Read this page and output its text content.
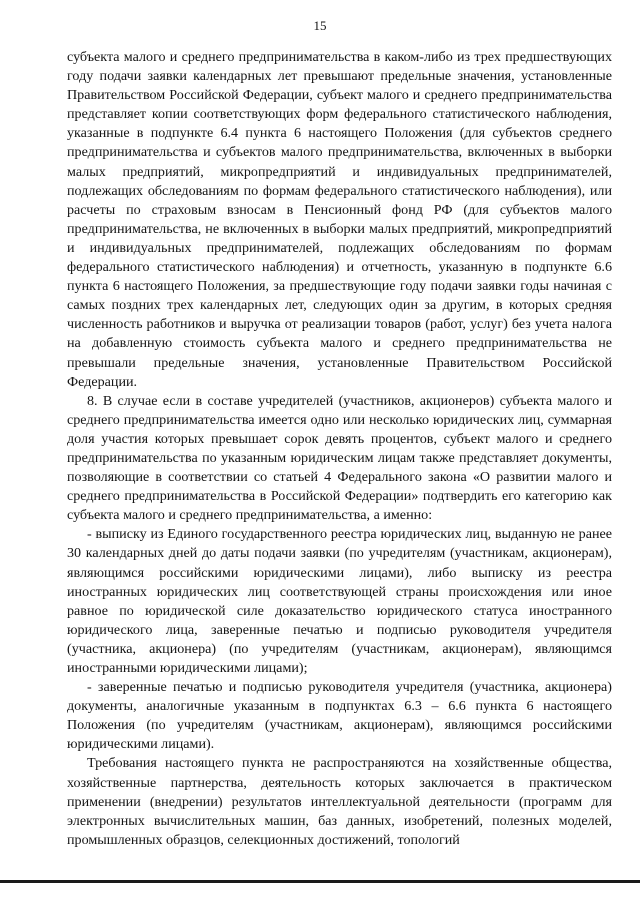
15

субъекта малого и среднего предпринимательства в каком-либо из трех предшествующих году подачи заявки календарных лет превышают предельные значения, установленные Правительством Российской Федерации, субъект малого и среднего предпринимательства представляет копии соответствующих форм федерального статистического наблюдения, указанные в подпункте 6.4 пункта 6 настоящего Положения (для субъектов среднего предпринимательства и субъектов малого предпринимательства, включенных в выборки малых предприятий, микропредприятий и индивидуальных предпринимателей, подлежащих обследованиям по формам федерального статистического наблюдения), или расчеты по страховым взносам в Пенсионный фонд РФ (для субъектов малого предпринимательства, не включенных в выборки малых предприятий, микропредприятий и индивидуальных предпринимателей, подлежащих обследованиям по формам федерального статистического наблюдения) и отчетность, указанную в подпункте 6.6 пункта 6 настоящего Положения, за предшествующие году подачи заявки годы начиная с самых поздних трех календарных лет, следующих один за другим, в которых средняя численность работников и выручка от реализации товаров (работ, услуг) без учета налога на добавленную стоимость субъекта малого и среднего предпринимательства не превышали предельные значения, установленные Правительством Российской Федерации.

8. В случае если в составе учредителей (участников, акционеров) субъекта малого и среднего предпринимательства имеется одно или несколько юридических лиц, суммарная доля участия которых превышает сорок девять процентов, субъект малого и среднего предпринимательства по указанным юридическим лицам также представляет документы, позволяющие в соответствии со статьей 4 Федерального закона «О развитии малого и среднего предпринимательства в Российской Федерации» подтвердить его категорию как субъекта малого и среднего предпринимательства, а именно:

- выписку из Единого государственного реестра юридических лиц, выданную не ранее 30 календарных дней до даты подачи заявки (по учредителям (участникам, акционерам), являющимся российскими юридическими лицами), либо выписку из реестра иностранных юридических лиц соответствующей страны происхождения или иное равное по юридической силе доказательство юридического статуса иностранного юридического лица, заверенные печатью и подписью руководителя учредителя (участника, акционера) (по учредителям (участникам, акционерам), являющимся иностранными юридическими лицами);

- заверенные печатью и подписью руководителя учредителя (участника, акционера) документы, аналогичные указанным в подпунктах 6.3 – 6.6 пункта 6 настоящего Положения (по учредителям (участникам, акционерам), являющимся российскими юридическими лицами).

Требования настоящего пункта не распространяются на хозяйственные общества, хозяйственные партнерства, деятельность которых заключается в практическом применении (внедрении) результатов интеллектуальной деятельности (программ для электронных вычислительных машин, баз данных, изобретений, полезных моделей, промышленных образцов, селекционных достижений, топологий
